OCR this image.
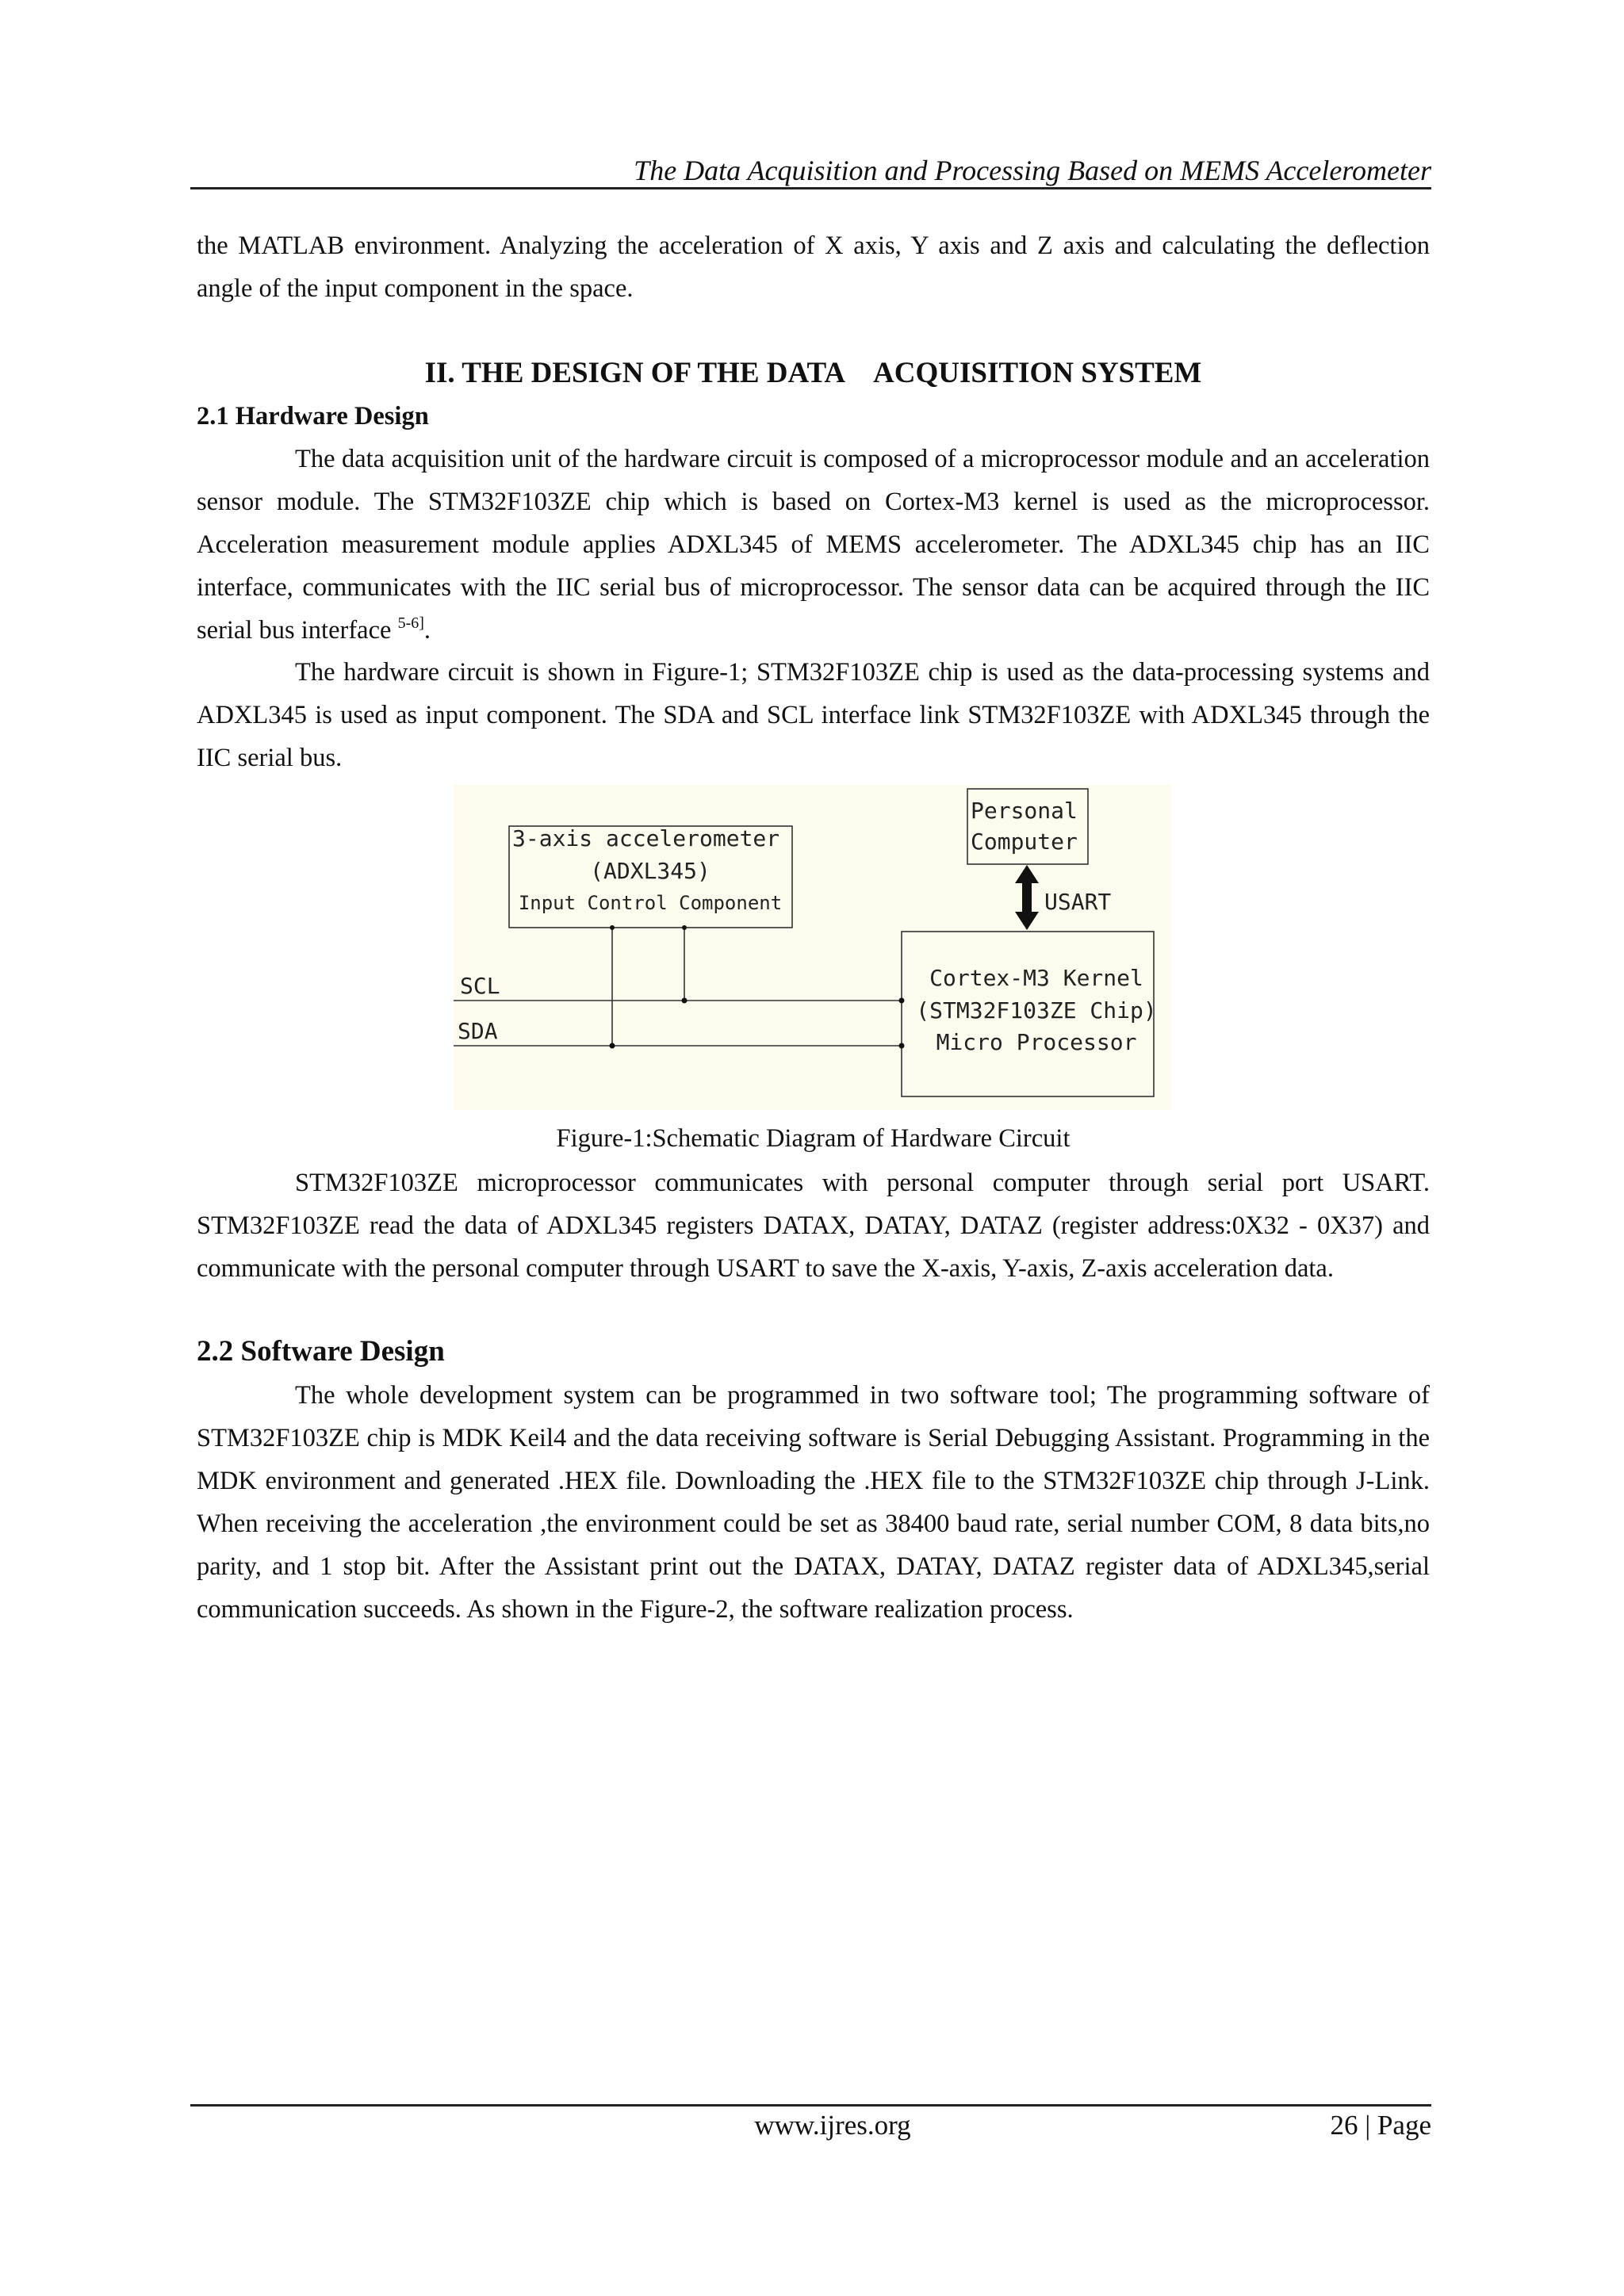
The Data Acquisition and Processing Based on MEMS Accelerometer

the MATLAB environment. Analyzing the acceleration of X axis, Y axis and Z axis and calculating the deflection angle of the input component in the space.

II. THE DESIGN OF THE DATA　ACQUISITION SYSTEM
2.1 Hardware Design

The data acquisition unit of the hardware circuit is composed of a microprocessor module and an acceleration sensor module. The STM32F103ZE chip which is based on Cortex-M3 kernel is used as the microprocessor. Acceleration measurement module applies ADXL345 of MEMS accelerometer. The ADXL345 chip has an IIC interface, communicates with the IIC serial bus of microprocessor. The sensor data can be acquired through the IIC serial bus interface $^{5-6]}$.

The hardware circuit is shown in Figure-1; STM32F103ZE chip is used as the data-processing systems and ADXL345 is used as input component. The SDA and SCL interface link STM32F103ZE with ADXL345 through the IIC serial bus.

3-axis accelerometer
(ADXL345)
Input Control Component
Personal
Computer
USART
SCL
SDA
Cortex-M3 Kernel
(STM32F103ZE Chip)
Micro Processor
Figure-1:Schematic Diagram of Hardware Circuit

STM32F103ZE microprocessor communicates with personal computer through serial port USART. STM32F103ZE read the data of ADXL345 registers DATAX, DATAY, DATAZ (register address:0X32 - 0X37) and communicate with the personal computer through USART to save the X-axis, Y-axis, Z-axis acceleration data.

2.2 Software Design

The whole development system can be programmed in two software tool; The programming software of STM32F103ZE chip is MDK Keil4 and the data receiving software is Serial Debugging Assistant. Programming in the MDK environment and generated .HEX file. Downloading the .HEX file to the STM32F103ZE chip through J-Link. When receiving the acceleration ,the environment could be set as 38400 baud rate, serial number COM, 8 data bits,no parity, and 1 stop bit. After the Assistant print out the DATAX, DATAY, DATAZ register data of ADXL345,serial communication succeeds. As shown in the Figure-2, the software realization process.

www.ijres.org	26 | Page
